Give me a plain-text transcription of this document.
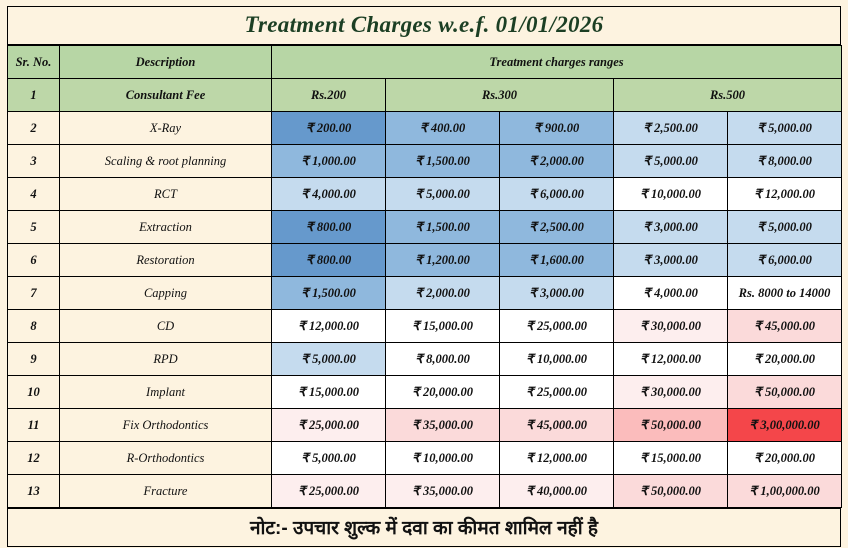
Treatment Charges w.e.f. 01/01/2026
Sr. No.	Description	Treatment charges ranges				
1	Consultant Fee	Rs.200	Rs.300		Rs.500	
2	X-Ray	₹ 200.00	₹ 400.00	₹ 900.00	₹ 2,500.00	₹ 5,000.00
3	Scaling & root planning	₹ 1,000.00	₹ 1,500.00	₹ 2,000.00	₹ 5,000.00	₹ 8,000.00
4	RCT	₹ 4,000.00	₹ 5,000.00	₹ 6,000.00	₹ 10,000.00	₹ 12,000.00
5	Extraction	₹ 800.00	₹ 1,500.00	₹ 2,500.00	₹ 3,000.00	₹ 5,000.00
6	Restoration	₹ 800.00	₹ 1,200.00	₹ 1,600.00	₹ 3,000.00	₹ 6,000.00
7	Capping	₹ 1,500.00	₹ 2,000.00	₹ 3,000.00	₹ 4,000.00	Rs. 8000 to 14000
8	CD	₹ 12,000.00	₹ 15,000.00	₹ 25,000.00	₹ 30,000.00	₹ 45,000.00
9	RPD	₹ 5,000.00	₹ 8,000.00	₹ 10,000.00	₹ 12,000.00	₹ 20,000.00
10	Implant	₹ 15,000.00	₹ 20,000.00	₹ 25,000.00	₹ 30,000.00	₹ 50,000.00
11	Fix Orthodontics	₹ 25,000.00	₹ 35,000.00	₹ 45,000.00	₹ 50,000.00	₹ 3,00,000.00
12	R-Orthodontics	₹ 5,000.00	₹ 10,000.00	₹ 12,000.00	₹ 15,000.00	₹ 20,000.00
13	Fracture	₹ 25,000.00	₹ 35,000.00	₹ 40,000.00	₹ 50,000.00	₹ 1,00,000.00
नोट:- उपचार शुल्क में दवा का कीमत शामिल नहीं है
